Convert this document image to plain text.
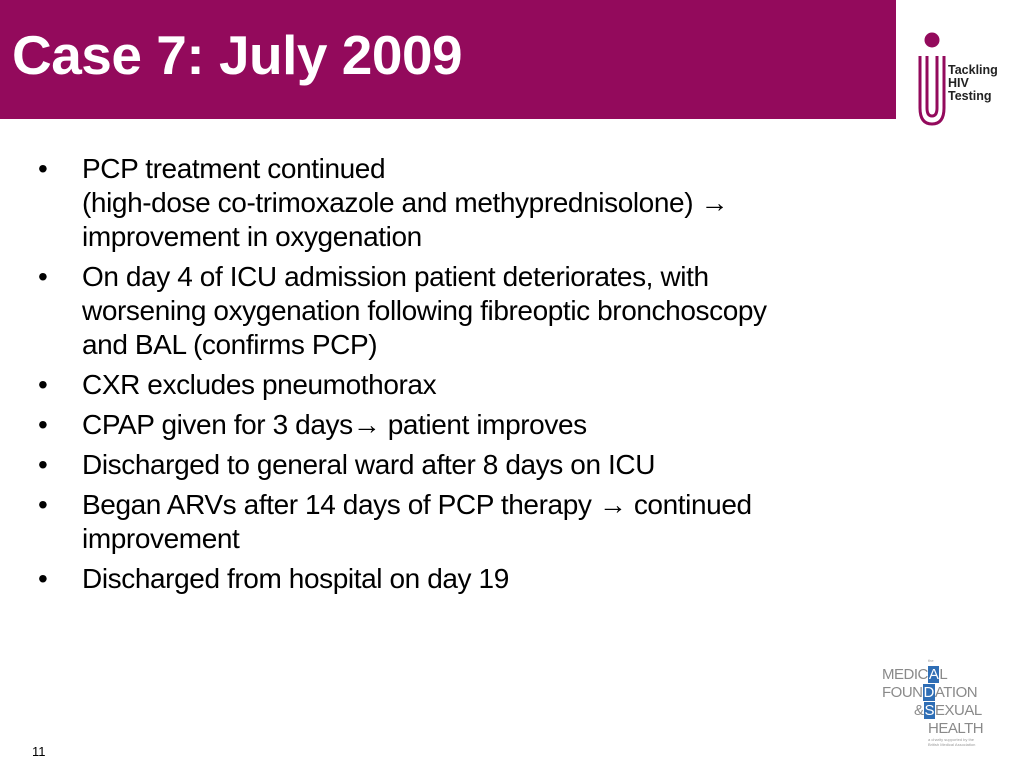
Case 7: July 2009	Tackling
HIV
Testing
• PCP treatment continued
(high-dose co-trimoxazole and methyprednisolone) →
improvement in oxygenation
• On day 4 of ICU admission patient deteriorates, with
worsening oxygenation following fibreoptic bronchoscopy
and BAL (confirms PCP)
• CXR excludes pneumothorax
• CPAP given for 3 days→ patient improves
• Discharged to general ward after 8 days on ICU
• Began ARVs after 14 days of PCP therapy → continued
improvement
• Discharged from hospital on day 19
the
MEDICAL
FOUNDATION
&SEXUAL
HEALTH
a charity supported by the
British Medical Association
11
